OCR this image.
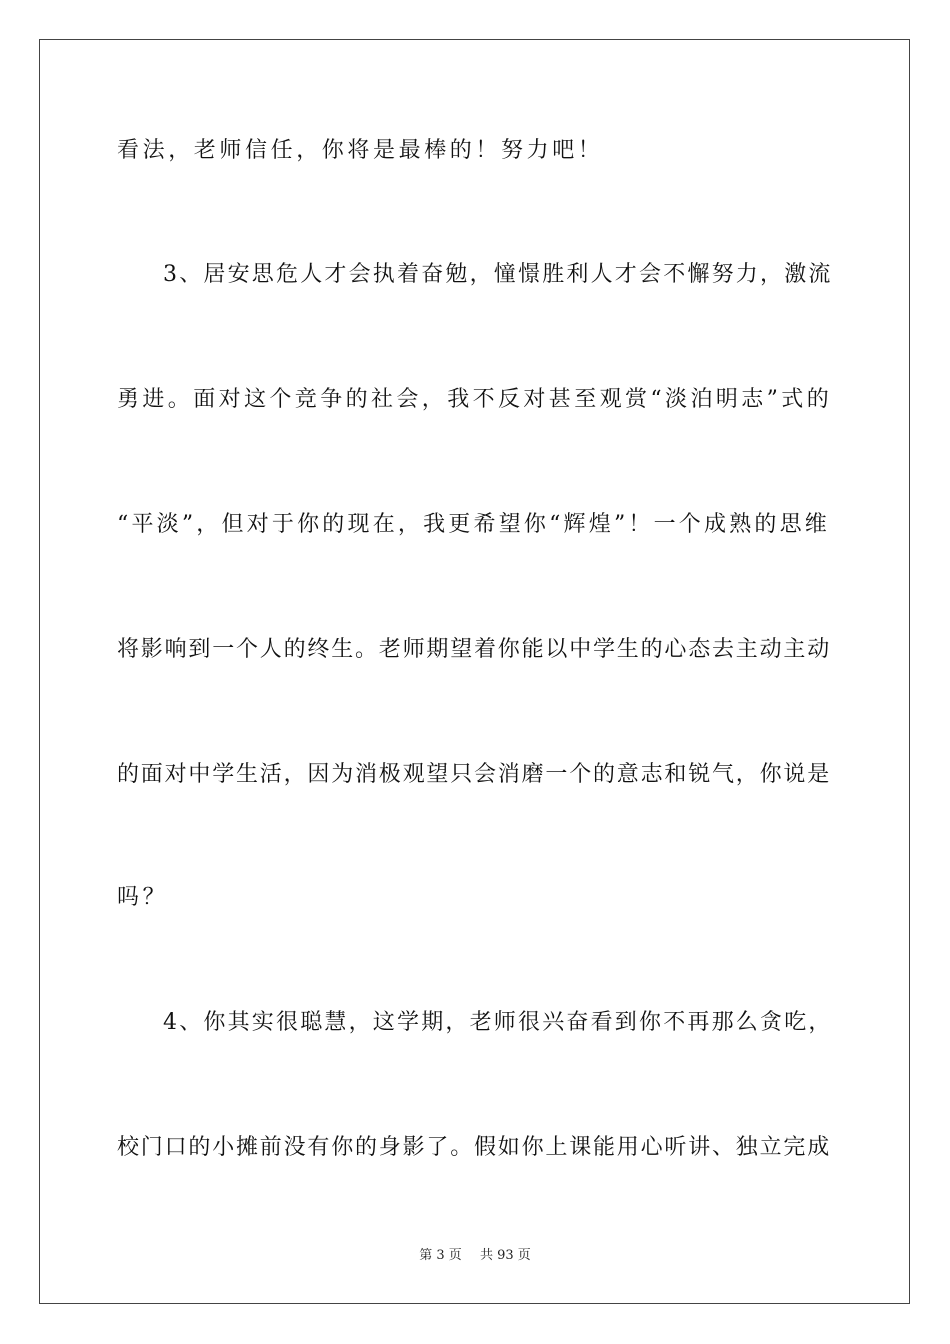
看法，老师信任，你将是最棒的！努力吧！
3、居安思危人才会执着奋勉，憧憬胜利人才会不懈努力，激流
勇进。面对这个竞争的社会，我不反对甚至观赏“淡泊明志”式的
“平淡”，但对于你的现在，我更希望你“辉煌”！一个成熟的思维
将影响到一个人的终生。老师期望着你能以中学生的心态去主动主动
的面对中学生活，因为消极观望只会消磨一个的意志和锐气，你说是
吗？
4、你其实很聪慧，这学期，老师很兴奋看到你不再那么贪吃，
校门口的小摊前没有你的身影了。假如你上课能用心听讲、独立完成
第 3 页 共 93 页
